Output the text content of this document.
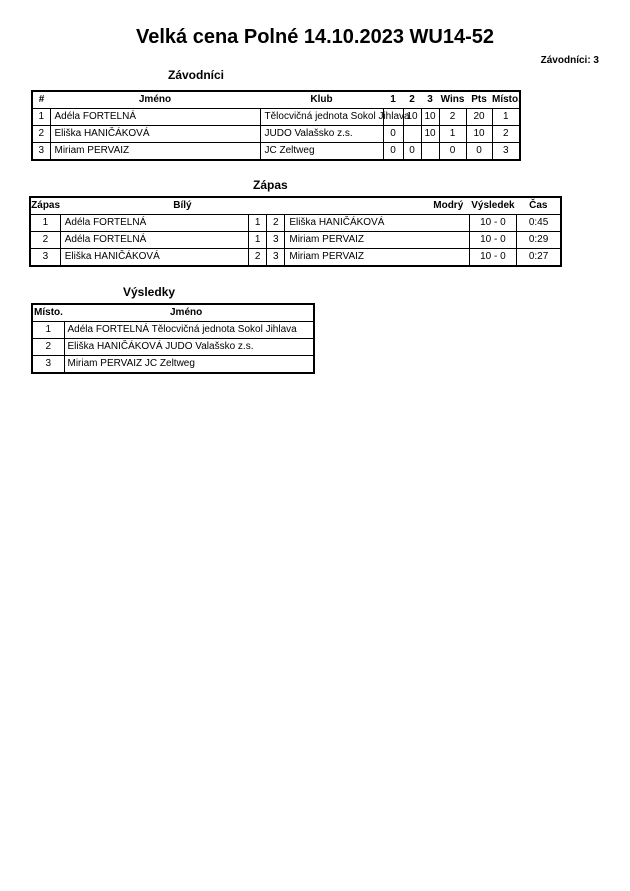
Velká cena Polné 14.10.2023 WU14-52
Závodníci: 3
Závodníci
#	Jméno	Klub	1	2	3	Wins	Pts	Místo.
1	Adéla FORTELNÁ	Tělocvičná jednota Sokol Jihlava		10	10	2	20	1
2	Eliška HANIČÁKOVÁ	JUDO Valašsko z.s.	0		10	1	10	2
3	Miriam PERVAIZ	JC Zeltweg	0	0		0	0	3
Zápas
Zápas	Bílý			Modrý	Výsledek	Čas
1	Adéla FORTELNÁ	1	2	Eliška HANIČÁKOVÁ	10 - 0	0:45
2	Adéla FORTELNÁ	1	3	Miriam PERVAIZ	10 - 0	0:29
3	Eliška HANIČÁKOVÁ	2	3	Miriam PERVAIZ	10 - 0	0:27
Výsledky
Místo.	Jméno
1	Adéla FORTELNÁ Tělocvičná jednota Sokol Jihlava
2	Eliška HANIČÁKOVÁ JUDO Valašsko z.s.
3	Miriam PERVAIZ JC Zeltweg
